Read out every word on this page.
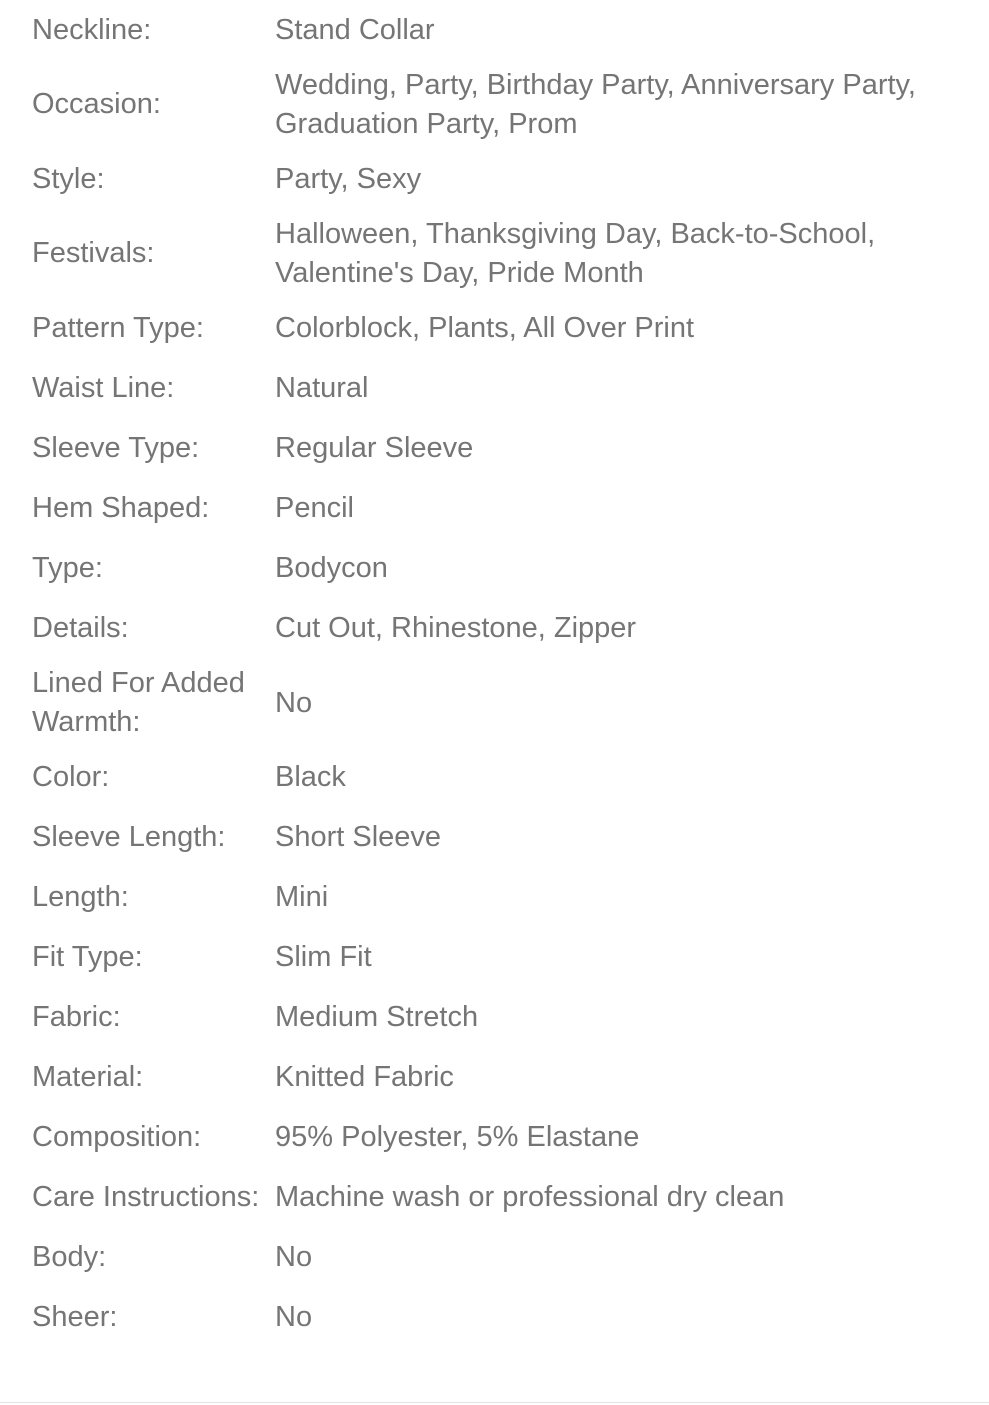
Neckline:	Stand Collar

Occasion:	Wedding, Party, Birthday Party, Anniversary Party, Graduation Party, Prom

Style:	Party, Sexy

Festivals:	Halloween, Thanksgiving Day, Back-to-School, Valentine's Day, Pride Month

Pattern Type:	Colorblock, Plants, All Over Print

Waist Line:	Natural

Sleeve Type:	Regular Sleeve

Hem Shaped:	Pencil

Type:	Bodycon

Details:	Cut Out, Rhinestone, Zipper

Lined For Added Warmth:	No

Color:	Black

Sleeve Length:	Short Sleeve

Length:	Mini

Fit Type:	Slim Fit

Fabric:	Medium Stretch

Material:	Knitted Fabric

Composition:	95% Polyester, 5% Elastane

Care Instructions:	Machine wash or professional dry clean

Body:	No

Sheer:	No
